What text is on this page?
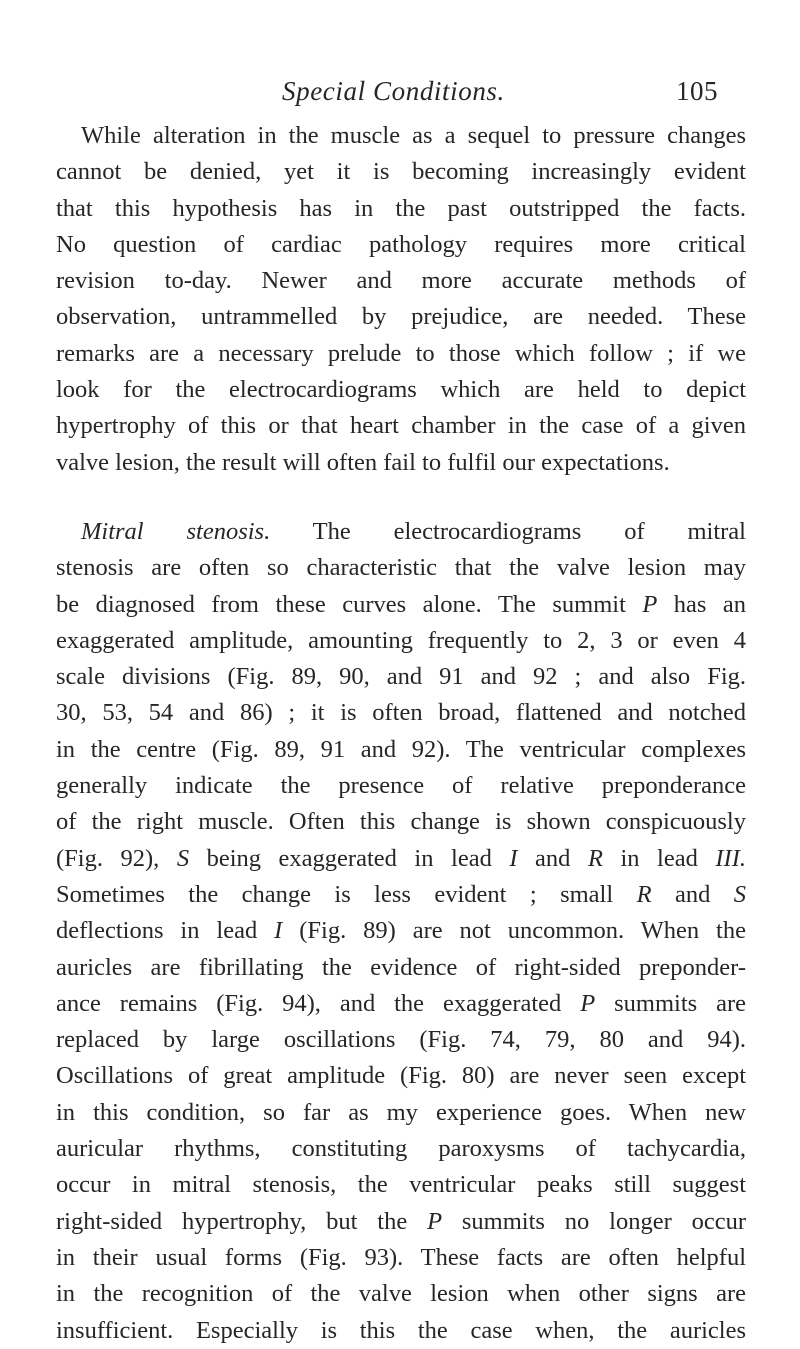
Special Conditions.	105
While alteration in the muscle as a sequel to pressure changes
cannot be denied, yet it is becoming increasingly evident
that this hypothesis has in the past outstripped the facts.
No question of cardiac pathology requires more critical
revision to-day. Newer and more accurate methods of
observation, untrammelled by prejudice, are needed. These
remarks are a necessary prelude to those which follow ; if we
look for the electrocardiograms which are held to depict
hypertrophy of this or that heart chamber in the case of a given
valve lesion, the result will often fail to fulfil our expectations.
Mitral stenosis. The electrocardiograms of mitral
stenosis are often so characteristic that the valve lesion may
be diagnosed from these curves alone. The summit P has an
exaggerated amplitude, amounting frequently to 2, 3 or even 4
scale divisions (Fig. 89, 90, and 91 and 92 ; and also Fig.
30, 53, 54 and 86) ; it is often broad, flattened and notched
in the centre (Fig. 89, 91 and 92). The ventricular complexes
generally indicate the presence of relative preponderance
of the right muscle. Often this change is shown conspicuously
(Fig. 92), S being exaggerated in lead I and R in lead III.
Sometimes the change is less evident ; small R and S
deflections in lead I (Fig. 89) are not uncommon. When the
auricles are fibrillating the evidence of right-sided preponder-
ance remains (Fig. 94), and the exaggerated P summits are
replaced by large oscillations (Fig. 74, 79, 80 and 94).
Oscillations of great amplitude (Fig. 80) are never seen except
in this condition, so far as my experience goes. When new
auricular rhythms, constituting paroxysms of tachycardia,
occur in mitral stenosis, the ventricular peaks still suggest
right-sided hypertrophy, but the P summits no longer occur
in their usual forms (Fig. 93). These facts are often helpful
in the recognition of the valve lesion when other signs are
insufficient. Especially is this the case when, the auricles
